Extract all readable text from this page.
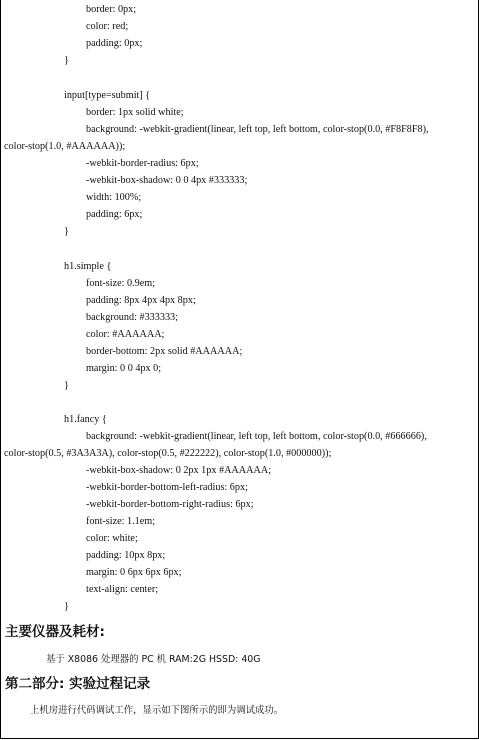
border: 0px;
color: red;
padding: 0px;
}
input[type=submit] {
border: 1px solid white;
background: -webkit-gradient(linear, left top, left bottom, color-stop(0.0, #F8F8F8),
color-stop(1.0, #AAAAAA));
-webkit-border-radius: 6px;
-webkit-box-shadow: 0 0 4px #333333;
width: 100%;
padding: 6px;
}
h1.simple {
font-size: 0.9em;
padding: 8px 4px 4px 8px;
background: #333333;
color: #AAAAAA;
border-bottom: 2px solid #AAAAAA;
margin: 0 0 4px 0;
}
h1.fancy {
background: -webkit-gradient(linear, left top, left bottom, color-stop(0.0, #666666),
color-stop(0.5, #3A3A3A), color-stop(0.5, #222222), color-stop(1.0, #000000));
-webkit-box-shadow: 0 2px 1px #AAAAAA;
-webkit-border-bottom-left-radius: 6px;
-webkit-border-bottom-right-radius: 6px;
font-size: 1.1em;
color: white;
padding: 10px 8px;
margin: 0 6px 6px 6px;
text-align: center;
}
主要仪器及耗材:
基于 X8086 处理器的 PC 机 RAM:2G HSSD: 40G
第二部分: 实验过程记录
上机房进行代码调试工作，显示如下图所示的即为调试成功。
